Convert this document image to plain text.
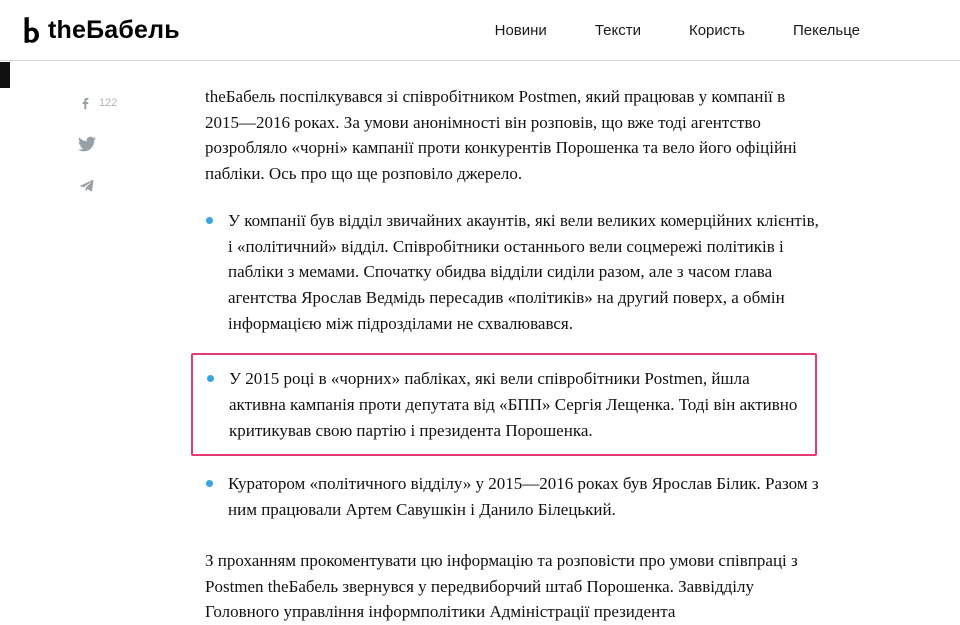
theБабель	Новини	Тексти	Користь	Пекельце
122	theБабель поспілкувався зі співробітником Postmen, який працював у компанії в 2015—2016 роках. За умови анонімності він розповів, що вже тоді агентство розробляло «чорні» кампанії проти конкурентів Порошенка та вело його офіційні пабліки. Ось про що ще розповіло джерело.

У компанії був відділ звичайних акаунтів, які вели великих комерційних клієнтів, і «політичний» відділ. Співробітники останнього вели соцмережі політиків і пабліки з мемами. Спочатку обидва відділи сиділи разом, але з часом глава агентства Ярослав Ведмідь пересадив «політиків» на другий поверх, а обмін інформацією між підрозділами не схвалювався.
У 2015 році в «чорних» пабліках, які вели співробітники Postmen, йшла активна кампанія проти депутата від «БПП» Сергія Лещенка. Тоді він активно критикував свою партію і президента Порошенка.
Куратором «політичного відділу» у 2015—2016 роках був Ярослав Білик. Разом з ним працювали Артем Савушкін і Данило Білецький.

З проханням прокоментувати цю інформацію та розповісти про умови співпраці з Postmen theБабель звернувся у передвиборчий штаб Порошенка. Заввідділу Головного управління інформполітики Адміністрації президента
